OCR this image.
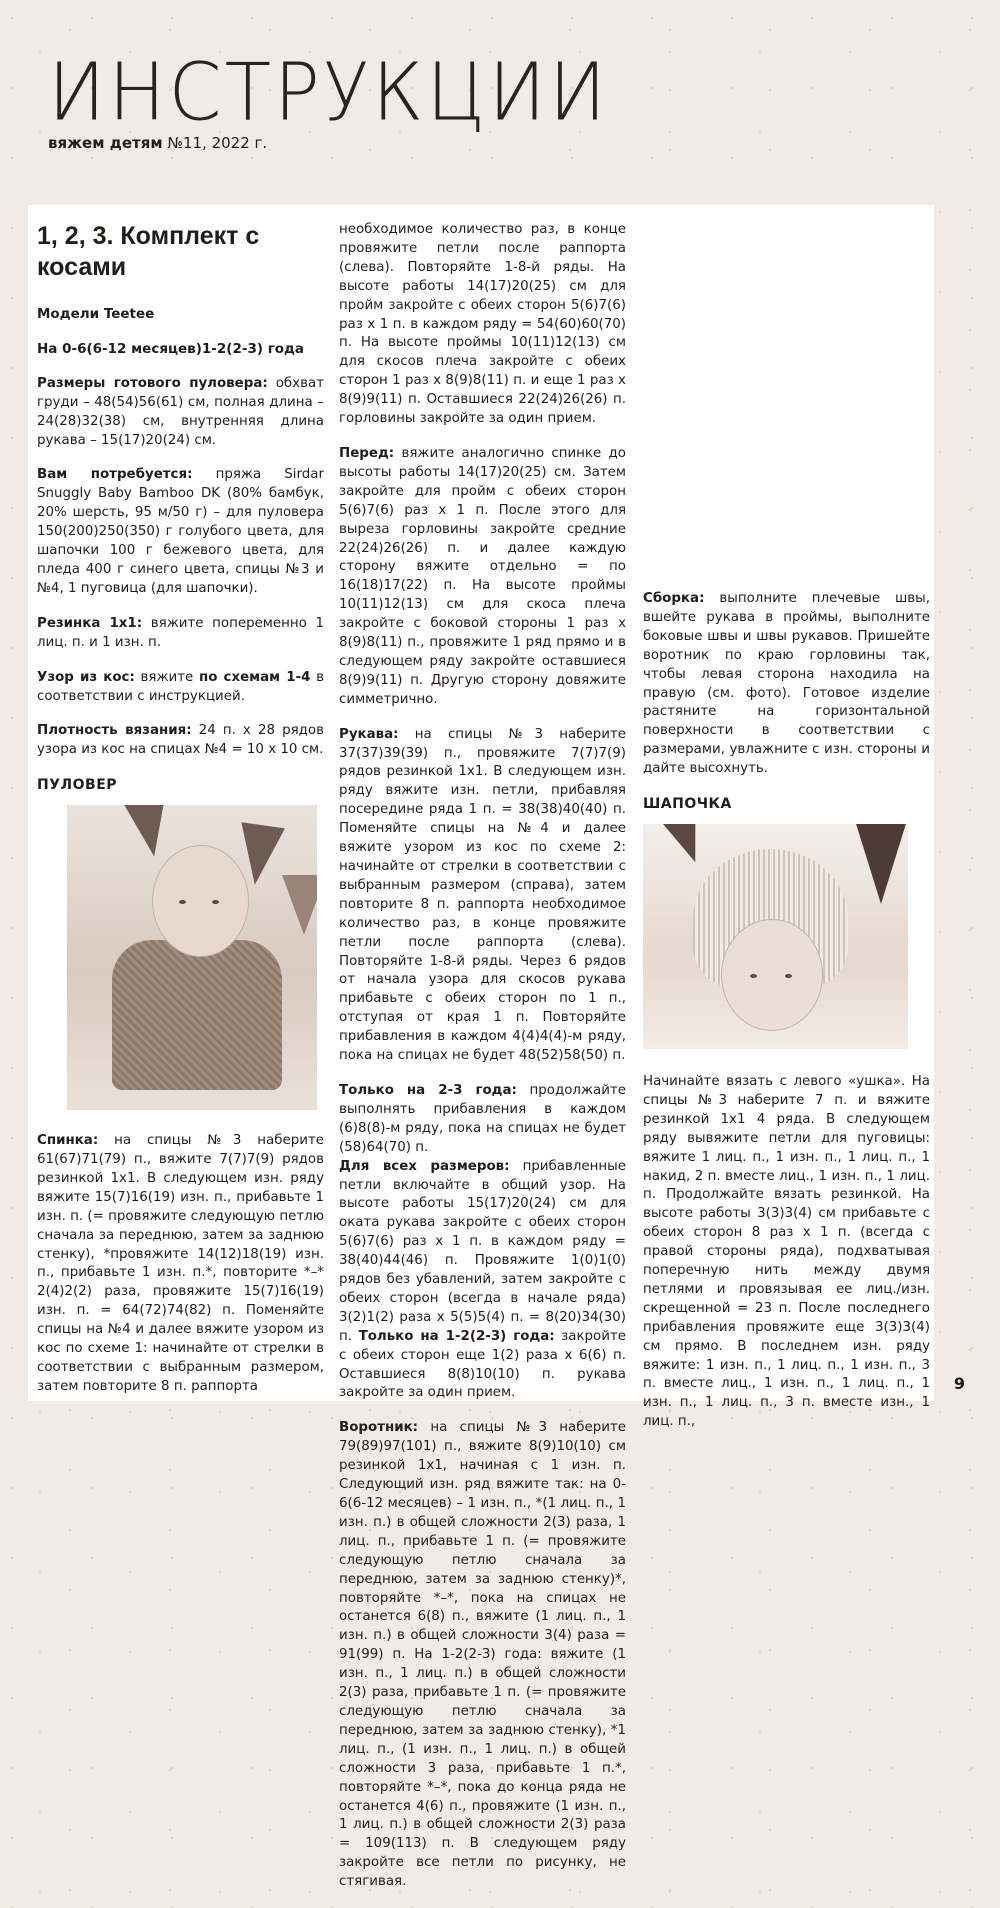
ИНСТРУКЦИИ
вяжем детям №11, 2022 г.
1, 2, 3. Комплект с косами

Модели Teetee

На 0-6(6-12 месяцев)1-2(2-3) года

Размеры готового пуловера: обхват груди – 48(54)56(61) см, полная длина – 24(28)32(38) см, внутренняя длина рукава – 15(17)20(24) см.

Вам потребуется: пряжа Sirdar Snuggly Baby Bamboo DK (80% бамбук, 20% шерсть, 95 м/50 г) – для пуловера 150(200)250(350) г голубого цвета, для шапочки 100 г бежевого цвета, для пледа 400 г синего цвета, спицы №3 и №4, 1 пуговица (для шапочки).

Резинка 1x1: вяжите попеременно 1 лиц. п. и 1 изн. п.

Узор из кос: вяжите по схемам 1-4 в соответствии с инструкцией.

Плотность вязания: 24 п. x 28 рядов узора из кос на спицах №4 = 10 x 10 см.

ПУЛОВЕР

Спинка: на спицы №3 наберите 61(67)71(79) п., вяжите 7(7)7(9) рядов резинкой 1x1. В следующем изн. ряду вяжите 15(7)16(19) изн. п., прибавьте 1 изн. п. (= провяжите следующую петлю сначала за переднюю, затем за заднюю стенку), *провяжите 14(12)18(19) изн. п., прибавьте 1 изн. п.*, повторите *–* 2(4)2(2) раза, провяжите 15(7)16(19) изн. п. = 64(72)74(82) п. Поменяйте спицы на №4 и далее вяжите узором из кос по схеме 1: начинайте от стрелки в соответствии с выбранным размером, затем повторите 8 п. раппорта

необходимое количество раз, в конце провяжите петли после раппорта (слева). Повторяйте 1-8-й ряды. На высоте работы 14(17)20(25) см для пройм закройте с обеих сторон 5(6)7(6) раз x 1 п. в каждом ряду = 54(60)60(70) п. На высоте проймы 10(11)12(13) см для скосов плеча закройте с обеих сторон 1 раз x 8(9)8(11) п. и еще 1 раз x 8(9)9(11) п. Оставшиеся 22(24)26(26) п. горловины закройте за один прием.

Перед: вяжите аналогично спинке до высоты работы 14(17)20(25) см. Затем закройте для пройм с обеих сторон 5(6)7(6) раз x 1 п. После этого для выреза горловины закройте средние 22(24)26(26) п. и далее каждую сторону вяжите отдельно = по 16(18)17(22) п. На высоте проймы 10(11)12(13) см для скоса плеча закройте с боковой стороны 1 раз x 8(9)8(11) п., провяжите 1 ряд прямо и в следующем ряду закройте оставшиеся 8(9)9(11) п. Другую сторону довяжите симметрично.

Рукава: на спицы №3 наберите 37(37)39(39) п., провяжите 7(7)7(9) рядов резинкой 1x1. В следующем изн. ряду вяжите изн. петли, прибавляя посередине ряда 1 п. = 38(38)40(40) п. Поменяйте спицы на №4 и далее вяжите узором из кос по схеме 2: начинайте от стрелки в соответствии с выбранным размером (справа), затем повторите 8 п. раппорта необходимое количество раз, в конце провяжите петли после раппорта (слева). Повторяйте 1-8-й ряды. Через 6 рядов от начала узора для скосов рукава прибавьте с обеих сторон по 1 п., отступая от края 1 п. Повторяйте прибавления в каждом 4(4)4(4)-м ряду, пока на спицах не будет 48(52)58(50) п.

Только на 2-3 года: продолжайте выполнять прибавления в каждом (6)8(8)-м ряду, пока на спицах не будет (58)64(70) п.

Для всех размеров: прибавленные петли включайте в общий узор. На высоте работы 15(17)20(24) см для оката рукава закройте с обеих сторон 5(6)7(6) раз x 1 п. в каждом ряду = 38(40)44(46) п. Провяжите 1(0)1(0) рядов без убавлений, затем закройте с обеих сторон (всегда в начале ряда) 3(2)1(2) раза x 5(5)5(4) п. = 8(20)34(30) п. Только на 1-2(2-3) года: закройте с обеих сторон еще 1(2) раза x 6(6) п. Оставшиеся 8(8)10(10) п. рукава закройте за один прием.

Воротник: на спицы №3 наберите 79(89)97(101) п., вяжите 8(9)10(10) см резинкой 1x1, начиная с 1 изн. п. Следующий изн. ряд вяжите так: на 0-6(6-12 месяцев) – 1 изн. п., *(1 лиц. п., 1 изн. п.) в общей сложности 2(3) раза, 1 лиц. п., прибавьте 1 п. (= провяжите следующую петлю сначала за переднюю, затем за заднюю стенку)*, повторяйте *–*, пока на спицах не останется 6(8) п., вяжите (1 лиц. п., 1 изн. п.) в общей сложности 3(4) раза = 91(99) п. На 1-2(2-3) года: вяжите (1 изн. п., 1 лиц. п.) в общей сложности 2(3) раза, прибавьте 1 п. (= провяжите следующую петлю сначала за переднюю, затем за заднюю стенку), *1 лиц. п., (1 изн. п., 1 лиц. п.) в общей сложности 3 раза, прибавьте 1 п.*, повторяйте *–*, пока до конца ряда не останется 4(6) п., провяжите (1 изн. п., 1 лиц. п.) в общей сложности 2(3) раза = 109(113) п. В следующем ряду закройте все петли по рисунку, не стягивая.

Сборка: выполните плечевые швы, вшейте рукава в проймы, выполните боковые швы и швы рукавов. Пришейте воротник по краю горловины так, чтобы левая сторона находила на правую (см. фото). Готовое изделие растяните на горизонтальной поверхности в соответствии с размерами, увлажните с изн. стороны и дайте высохнуть.

ШАПОЧКА

Начинайте вязать с левого «ушка». На спицы №3 наберите 7 п. и вяжите резинкой 1x1 4 ряда. В следующем ряду вывяжите петли для пуговицы: вяжите 1 лиц. п., 1 изн. п., 1 лиц. п., 1 накид, 2 п. вместе лиц., 1 изн. п., 1 лиц. п. Продолжайте вязать резинкой. На высоте работы 3(3)3(4) см прибавьте с обеих сторон 8 раз x 1 п. (всегда с правой стороны ряда), подхватывая поперечную нить между двумя петлями и провязывая ее лиц./изн. скрещенной = 23 п. После последнего прибавления провяжите еще 3(3)3(4) см прямо. В последнем изн. ряду вяжите: 1 изн. п., 1 лиц. п., 1 изн. п., 3 п. вместе лиц., 1 изн. п., 1 лиц. п., 1 изн. п., 1 лиц. п., 3 п. вместе изн., 1 лиц. п.,

9
